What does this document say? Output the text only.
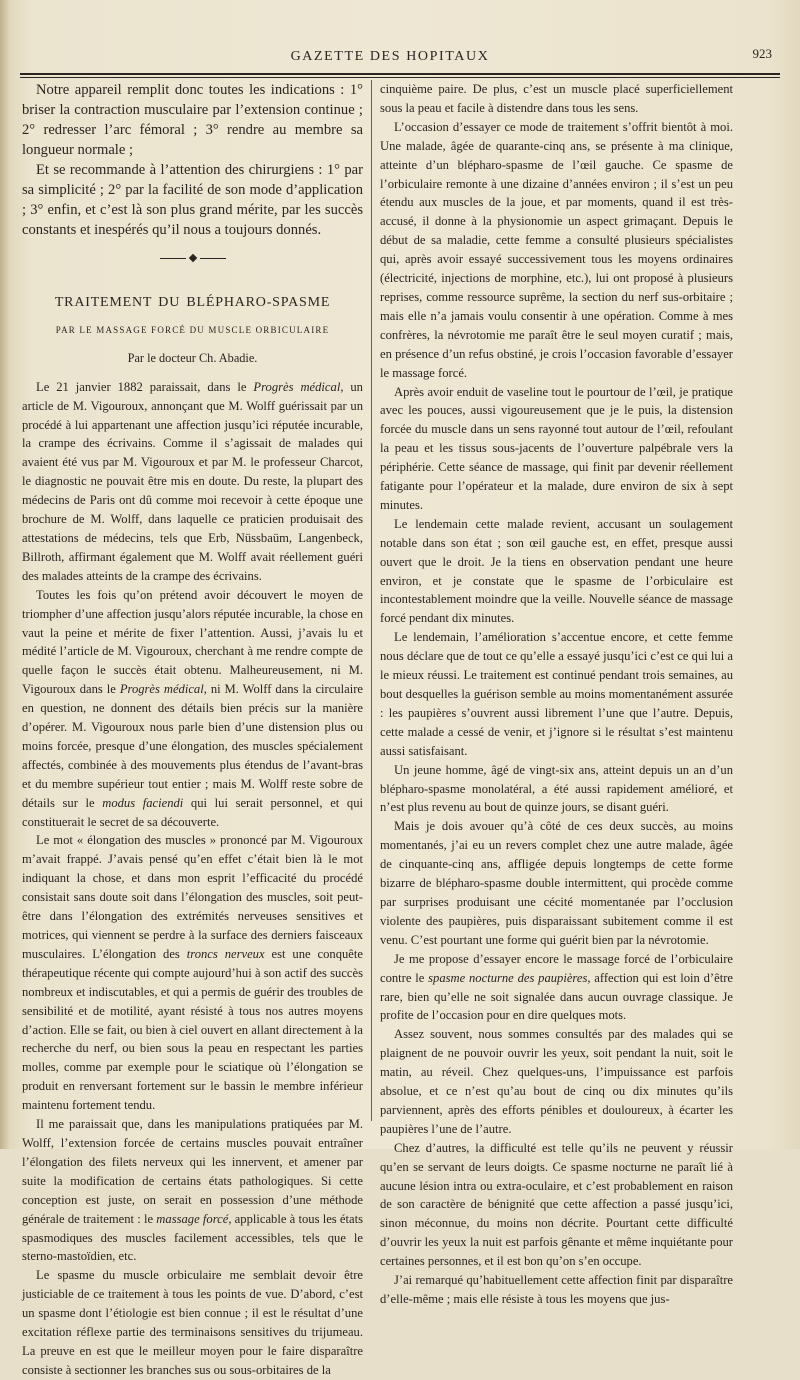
GAZETTE DES HOPITAUX	923

Notre appareil remplit donc toutes les indications : 1° briser la contraction musculaire par l’extension continue ; 2° redresser l’arc fémoral ; 3° rendre au membre sa longueur normale ;

Et se recommande à l’attention des chirurgiens : 1° par sa simplicité ; 2° par la facilité de son mode d’application ; 3° enfin, et c’est là son plus grand mérite, par les succès constants et inespérés qu’il nous a toujours donnés.

TRAITEMENT DU BLÉPHARO-SPASME
PAR LE MASSAGE FORCÉ DU MUSCLE ORBICULAIRE
Par le docteur Ch. Abadie.

Le 21 janvier 1882 paraissait, dans le Progrès médical, un article de M. Vigouroux, annonçant que M. Wolff guérissait par un procédé à lui appartenant une affection jusqu’ici réputée incurable, la crampe des écrivains. Comme il s’agissait de malades qui avaient été vus par M. Vigouroux et par M. le professeur Charcot, le diagnostic ne pouvait être mis en doute. Du reste, la plupart des médecins de Paris ont dû comme moi recevoir à cette époque une brochure de M. Wolff, dans laquelle ce praticien produisait des attestations de médecins, tels que Erb, Nüssbaüm, Langenbeck, Billroth, affirmant également que M. Wolff avait réellement guéri des malades atteints de la crampe des écrivains.

Toutes les fois qu’on prétend avoir découvert le moyen de triompher d’une affection jusqu’alors réputée incurable, la chose en vaut la peine et mérite de fixer l’attention. Aussi, j’avais lu et médité l’article de M. Vigouroux, cherchant à me rendre compte de quelle façon le succès était obtenu. Malheureusement, ni M. Vigouroux dans le Progrès médical, ni M. Wolff dans la circulaire en question, ne donnent des détails bien précis sur la manière d’opérer. M. Vigouroux nous parle bien d’une distension plus ou moins forcée, presque d’une élongation, des muscles spécialement affectés, combinée à des mouvements plus étendus de l’avant-bras et du membre supérieur tout entier ; mais M. Wolff reste sobre de détails sur le modus faciendi qui lui serait personnel, et qui constituerait le secret de sa découverte.

Le mot « élongation des muscles » prononcé par M. Vigouroux m’avait frappé. J’avais pensé qu’en effet c’était bien là le mot indiquant la chose, et dans mon esprit l’efficacité du procédé consistait sans doute soit dans l’élongation des muscles, soit peut-être dans l’élongation des extrémités nerveuses sensitives et motrices, qui viennent se perdre à la surface des derniers faisceaux musculaires. L’élongation des troncs nerveux est une conquête thérapeutique récente qui compte aujourd’hui à son actif des succès nombreux et indiscutables, et qui a permis de guérir des troubles de sensibilité et de motilité, ayant résisté à tous nos autres moyens d’action. Elle se fait, ou bien à ciel ouvert en allant directement à la recherche du nerf, ou bien sous la peau en respectant les parties molles, comme par exemple pour le sciatique où l’élongation se produit en renversant fortement sur le bassin le membre inférieur maintenu fortement tendu.

Il me paraissait que, dans les manipulations pratiquées par M. Wolff, l’extension forcée de certains muscles pouvait entraîner l’élongation des filets nerveux qui les innervent, et amener par suite la modification de certains états pathologiques. Si cette conception est juste, on serait en possession d’une méthode générale de traitement : le massage forcé, applicable à tous les états spasmodiques des muscles facilement accessibles, tels que le sterno-mastoïdien, etc.

Le spasme du muscle orbiculaire me semblait devoir être justiciable de ce traitement à tous les points de vue. D’abord, c’est un spasme dont l’étiologie est bien connue ; il est le résultat d’une excitation réflexe partie des terminaisons sensitives du trijumeau. La preuve en est que le meilleur moyen pour le faire disparaître consiste à sectionner les branches sus ou sous-orbitaires de la

cinquième paire. De plus, c’est un muscle placé superficiellement sous la peau et facile à distendre dans tous les sens.

L’occasion d’essayer ce mode de traitement s’offrit bientôt à moi. Une malade, âgée de quarante-cinq ans, se présente à ma clinique, atteinte d’un blépharo-spasme de l’œil gauche. Ce spasme de l’orbiculaire remonte à une dizaine d’années environ ; il s’est un peu étendu aux muscles de la joue, et par moments, quand il est très-accusé, il donne à la physionomie un aspect grimaçant. Depuis le début de sa maladie, cette femme a consulté plusieurs spécialistes qui, après avoir essayé successivement tous les moyens ordinaires (électricité, injections de morphine, etc.), lui ont proposé à plusieurs reprises, comme ressource suprême, la section du nerf sus-orbitaire ; mais elle n’a jamais voulu consentir à une opération. Comme à mes confrères, la névrotomie me paraît être le seul moyen curatif ; mais, en présence d’un refus obstiné, je crois l’occasion favorable d’essayer le massage forcé.

Après avoir enduit de vaseline tout le pourtour de l’œil, je pratique avec les pouces, aussi vigoureusement que je le puis, la distension forcée du muscle dans un sens rayonné tout autour de l’œil, refoulant la peau et les tissus sous-jacents de l’ouverture palpébrale vers la périphérie. Cette séance de massage, qui finit par devenir réellement fatigante pour l’opérateur et la malade, dure environ de six à sept minutes.

Le lendemain cette malade revient, accusant un soulagement notable dans son état ; son œil gauche est, en effet, presque aussi ouvert que le droit. Je la tiens en observation pendant une heure environ, et je constate que le spasme de l’orbiculaire est incontestablement moindre que la veille. Nouvelle séance de massage forcé pendant dix minutes.

Le lendemain, l’amélioration s’accentue encore, et cette femme nous déclare que de tout ce qu’elle a essayé jusqu’ici c’est ce qui lui a le mieux réussi. Le traitement est continué pendant trois semaines, au bout desquelles la guérison semble au moins momentanément assurée : les paupières s’ouvrent aussi librement l’une que l’autre. Depuis, cette malade a cessé de venir, et j’ignore si le résultat s’est maintenu aussi satisfaisant.

Un jeune homme, âgé de vingt-six ans, atteint depuis un an d’un blépharo-spasme monolatéral, a été aussi rapidement amélioré, et n’est plus revenu au bout de quinze jours, se disant guéri.

Mais je dois avouer qu’à côté de ces deux succès, au moins momentanés, j’ai eu un revers complet chez une autre malade, âgée de cinquante-cinq ans, affligée depuis longtemps de cette forme bizarre de blépharo-spasme double intermittent, qui procède comme par surprises produisant une cécité momentanée par l’occlusion violente des paupières, puis disparaissant subitement comme il est venu. C’est pourtant une forme qui guérit bien par la névrotomie.

Je me propose d’essayer encore le massage forcé de l’orbiculaire contre le spasme nocturne des paupières, affection qui est loin d’être rare, bien qu’elle ne soit signalée dans aucun ouvrage classique. Je profite de l’occasion pour en dire quelques mots.

Assez souvent, nous sommes consultés par des malades qui se plaignent de ne pouvoir ouvrir les yeux, soit pendant la nuit, soit le matin, au réveil. Chez quelques-uns, l’impuissance est parfois absolue, et ce n’est qu’au bout de cinq ou dix minutes qu’ils parviennent, après des efforts pénibles et douloureux, à écarter les paupières l’une de l’autre.

Chez d’autres, la difficulté est telle qu’ils ne peuvent y réussir qu’en se servant de leurs doigts. Ce spasme nocturne ne paraît lié à aucune lésion intra ou extra-oculaire, et c’est probablement en raison de son caractère de bénignité que cette affection a passé jusqu’ici, sinon méconnue, du moins non décrite. Pourtant cette difficulté d’ouvrir les yeux la nuit est parfois gênante et même inquiétante pour certaines personnes, et il est bon qu’on s’en occupe.

J’ai remarqué qu’habituellement cette affection finit par disparaître d’elle-même ; mais elle résiste à tous les moyens que jus-
